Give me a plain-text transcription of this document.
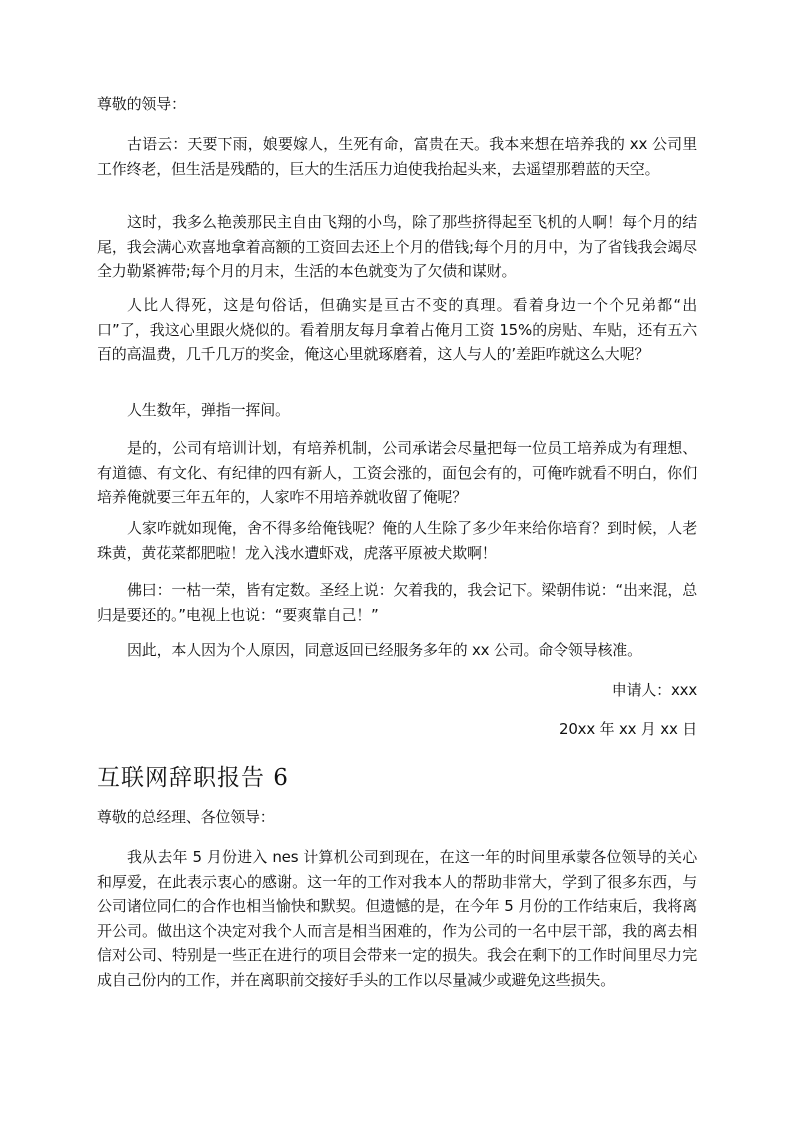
尊敬的领导：

古语云：天要下雨，娘要嫁人，生死有命，富贵在天。我本来想在培养我的 xx 公司里工作终老，但生活是残酷的，巨大的生活压力迫使我抬起头来，去遥望那碧蓝的天空。

这时，我多么艳羡那民主自由飞翔的小鸟，除了那些挤得起至飞机的人啊！每个月的结尾，我会满心欢喜地拿着高额的工资回去还上个月的借钱;每个月的月中，为了省钱我会竭尽全力勒紧裤带;每个月的月末，生活的本色就变为了欠债和谋财。

人比人得死，这是句俗话，但确实是亘古不变的真理。看着身边一个个兄弟都“出口”了，我这心里跟火烧似的。看着朋友每月拿着占俺月工资 15%的房贴、车贴，还有五六百的高温费，几千几万的奖金，俺这心里就琢磨着，这人与人的’差距咋就这么大呢？

人生数年，弹指一挥间。

是的，公司有培训计划，有培养机制，公司承诺会尽量把每一位员工培养成为有理想、有道德、有文化、有纪律的四有新人，工资会涨的，面包会有的，可俺咋就看不明白，你们培养俺就要三年五年的，人家咋不用培养就收留了俺呢？

人家咋就如现俺，舍不得多给俺钱呢？俺的人生除了多少年来给你培育？到时候，人老珠黄，黄花菜都肥啦！龙入浅水遭虾戏，虎落平原被犬欺啊！

佛曰：一枯一荣，皆有定数。圣经上说：欠着我的，我会记下。梁朝伟说：“出来混，总归是要还的。”电视上也说：“要爽靠自己！”

因此，本人因为个人原因，同意返回已经服务多年的 xx 公司。命令领导核准。

申请人：xxx

20xx 年 xx 月 xx 日

互联网辞职报告 6

尊敬的总经理、各位领导：

我从去年 5 月份进入 nes 计算机公司到现在，在这一年的时间里承蒙各位领导的关心和厚爱，在此表示衷心的感谢。这一年的工作对我本人的帮助非常大，学到了很多东西，与公司诸位同仁的合作也相当愉快和默契。但遗憾的是，在今年 5 月份的工作结束后，我将离开公司。做出这个决定对我个人而言是相当困难的，作为公司的一名中层干部，我的离去相信对公司、特别是一些正在进行的项目会带来一定的损失。我会在剩下的工作时间里尽力完成自己份内的工作，并在离职前交接好手头的工作以尽量减少或避免这些损失。
